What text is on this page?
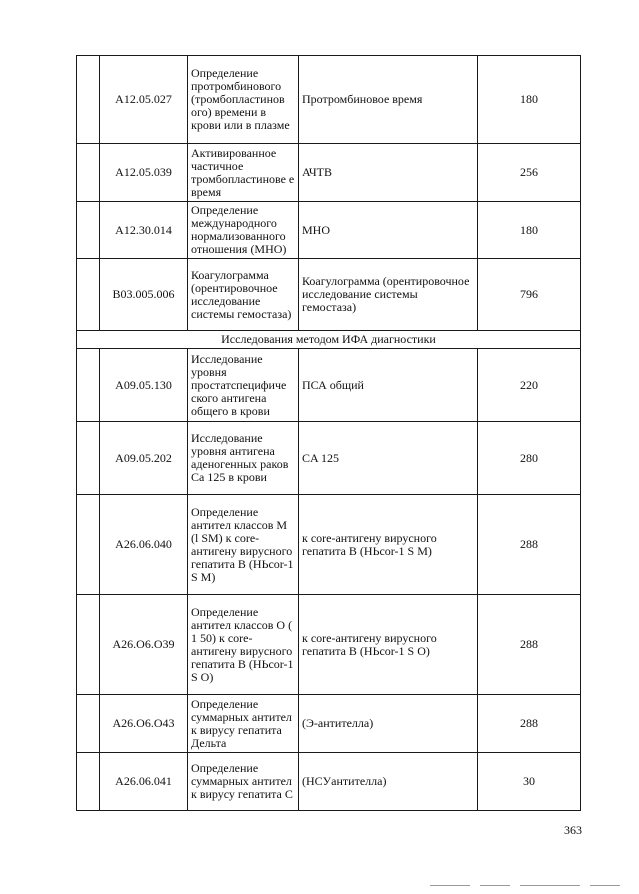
	A12.05.027	Определение протромбинового (тромбопластинов ого) времени в крови или в плазме	Протромбиновое время	180
	A12.05.039	Активированное частичное тромбопластинове е время	АЧТВ	256
	A12.30.014	Определение международного нормализованного отношения (МНО)	МНО	180
	B03.005.006	Коагулограмма (орентировочное исследование системы гемостаза)	Коагулограмма (орентировочное исследование системы гемостаза)	796
Исследования методом ИФА диагностики				
	A09.05.130	Исследование уровня простатспецифиче ского антигена общего в крови	ПСА общий	220
	A09.05.202	Исследование уровня антигена аденогенных раков Са 125 в крови	CA 125	280
	A26.06.040	Определение антител классов M (l SM) к core-антигену вирусного гепатита B (HЬcor-1 S M)	к core-антигену вирусного гепатита В (HЬcor-1 S M)	288
	A26.O6.O39	Определение антител классов O ( 1 50) к core-антигену вирусного гепатита B (HЬcor-1 S O)	к core-антигену вирусного гепатита В (HЬcor-1 S O)	288
	A26.O6.O43	Определение суммарных антител к вирусу гепатита Дельта	(Э-антителла)	288
	A26.06.041	Определение суммарных антител к вирусу гепатита С	(HCУантителла)	30
363
